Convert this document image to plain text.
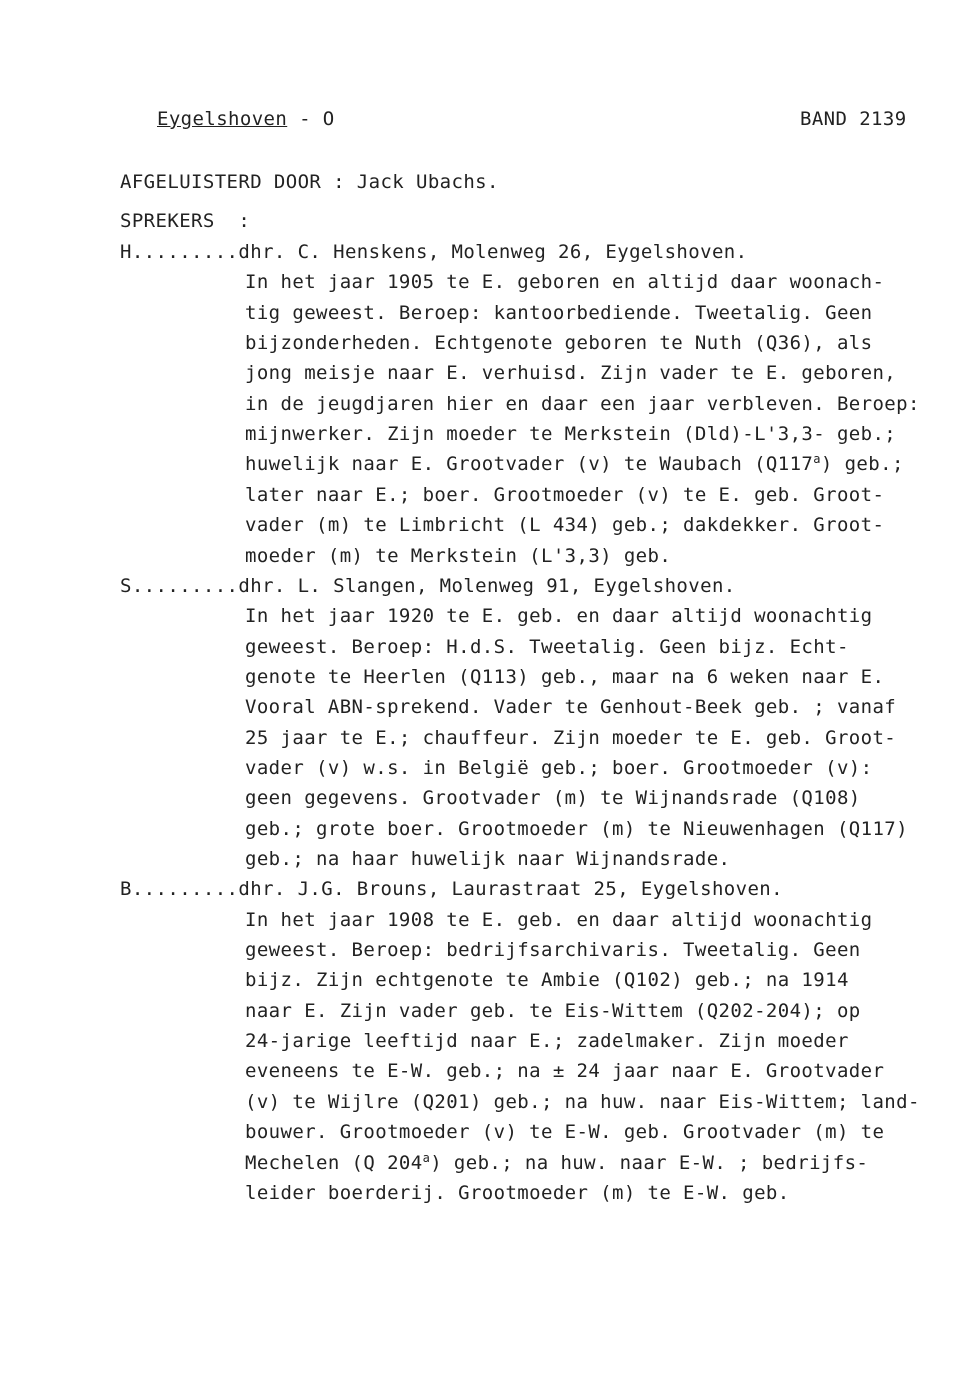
Eygelshoven - O	BAND 2139
AFGELUISTERD DOOR : Jack Ubachs.
SPREKERS  :
H.........dhr. C. Henskens, Molenweg 26, Eygelshoven.
In het jaar 1905 te E. geboren en altijd daar woonach-
tig geweest. Beroep: kantoorbediende. Tweetalig. Geen
bijzonderheden. Echtgenote geboren te Nuth (Q36), als
jong meisje naar E. verhuisd. Zijn vader te E. geboren,
in de jeugdjaren hier en daar een jaar verbleven. Beroep:
mijnwerker. Zijn moeder te Merkstein (Dld)-L'3,3- geb.;
huwelijk naar E. Grootvader (v) te Waubach (Q117$^a$) geb.;
later naar E.; boer. Grootmoeder (v) te E. geb. Groot-
vader (m) te Limbricht (L 434) geb.; dakdekker. Groot-
moeder (m) te Merkstein (L'3,3) geb.
S.........dhr. L. Slangen, Molenweg 91, Eygelshoven.
In het jaar 1920 te E. geb. en daar altijd woonachtig
geweest. Beroep: H.d.S. Tweetalig. Geen bijz. Echt-
genote te Heerlen (Q113) geb., maar na 6 weken naar E.
Vooral ABN-sprekend. Vader te Genhout-Beek geb. ; vanaf
25 jaar te E.; chauffeur. Zijn moeder te E. geb. Groot-
vader (v) w.s. in België geb.; boer. Grootmoeder (v):
geen gegevens. Grootvader (m) te Wijnandsrade (Q108)
geb.; grote boer. Grootmoeder (m) te Nieuwenhagen (Q117)
geb.; na haar huwelijk naar Wijnandsrade.
B.........dhr. J.G. Brouns, Laurastraat 25, Eygelshoven.
In het jaar 1908 te E. geb. en daar altijd woonachtig
geweest. Beroep: bedrijfsarchivaris. Tweetalig. Geen
bijz. Zijn echtgenote te Ambie (Q102) geb.; na 1914
naar E. Zijn vader geb. te Eis-Wittem (Q202-204); op
24-jarige leeftijd naar E.; zadelmaker. Zijn moeder
eveneens te E-W. geb.; na ± 24 jaar naar E. Grootvader
(v) te Wijlre (Q201) geb.; na huw. naar Eis-Wittem; land-
bouwer. Grootmoeder (v) te E-W. geb. Grootvader (m) te
Mechelen (Q 204$^a$) geb.; na huw. naar E-W. ; bedrijfs-
leider boerderij. Grootmoeder (m) te E-W. geb.
